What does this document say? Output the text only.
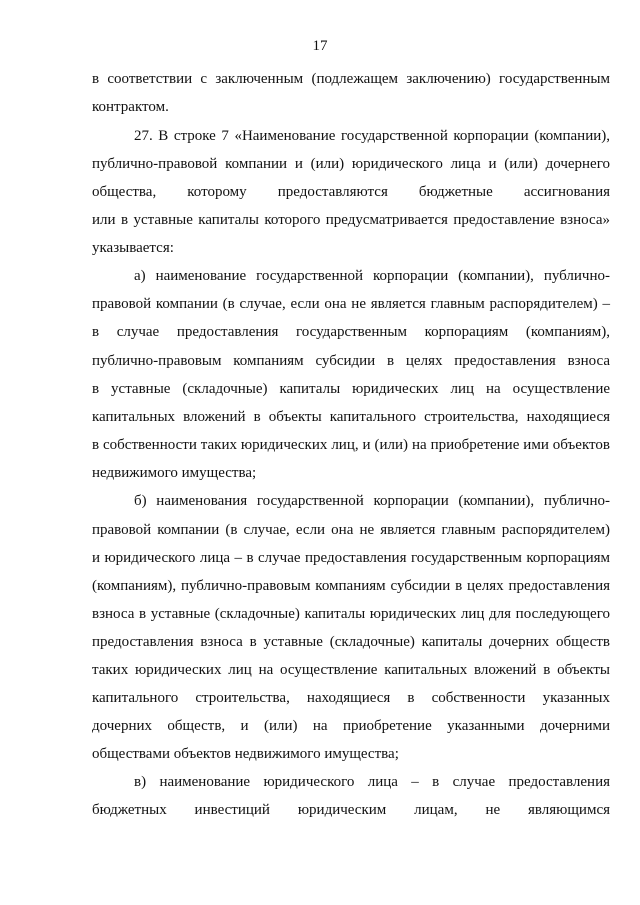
17
в соответствии с заключенным (подлежащем заключению) государственным
контрактом.
27. В строке 7 «Наименование государственной корпорации (компании),
публично-правовой компании и (или) юридического лица и (или) дочернего
общества, которому предоставляются бюджетные ассигнования
или в уставные капиталы которого предусматривается предоставление взноса»
указывается:
а) наименование государственной корпорации (компании), публично-
правовой компании (в случае, если она не является главным распорядителем) –
в случае предоставления государственным корпорациям (компаниям),
публично-правовым компаниям субсидии в целях предоставления взноса
в уставные (складочные) капиталы юридических лиц на осуществление
капитальных вложений в объекты капитального строительства, находящиеся
в собственности таких юридических лиц, и (или) на приобретение ими объектов
недвижимого имущества;
б) наименования государственной корпорации (компании), публично-
правовой компании (в случае, если она не является главным распорядителем)
и юридического лица – в случае предоставления государственным корпорациям
(компаниям), публично-правовым компаниям субсидии в целях предоставления
взноса в уставные (складочные) капиталы юридических лиц для последующего
предоставления взноса в уставные (складочные) капиталы дочерних обществ
таких юридических лиц на осуществление капитальных вложений в объекты
капитального строительства, находящиеся в собственности указанных
дочерних обществ, и (или) на приобретение указанными дочерними
обществами объектов недвижимого имущества;
в) наименование юридического лица – в случае предоставления
бюджетных инвестиций юридическим лицам, не являющимся
